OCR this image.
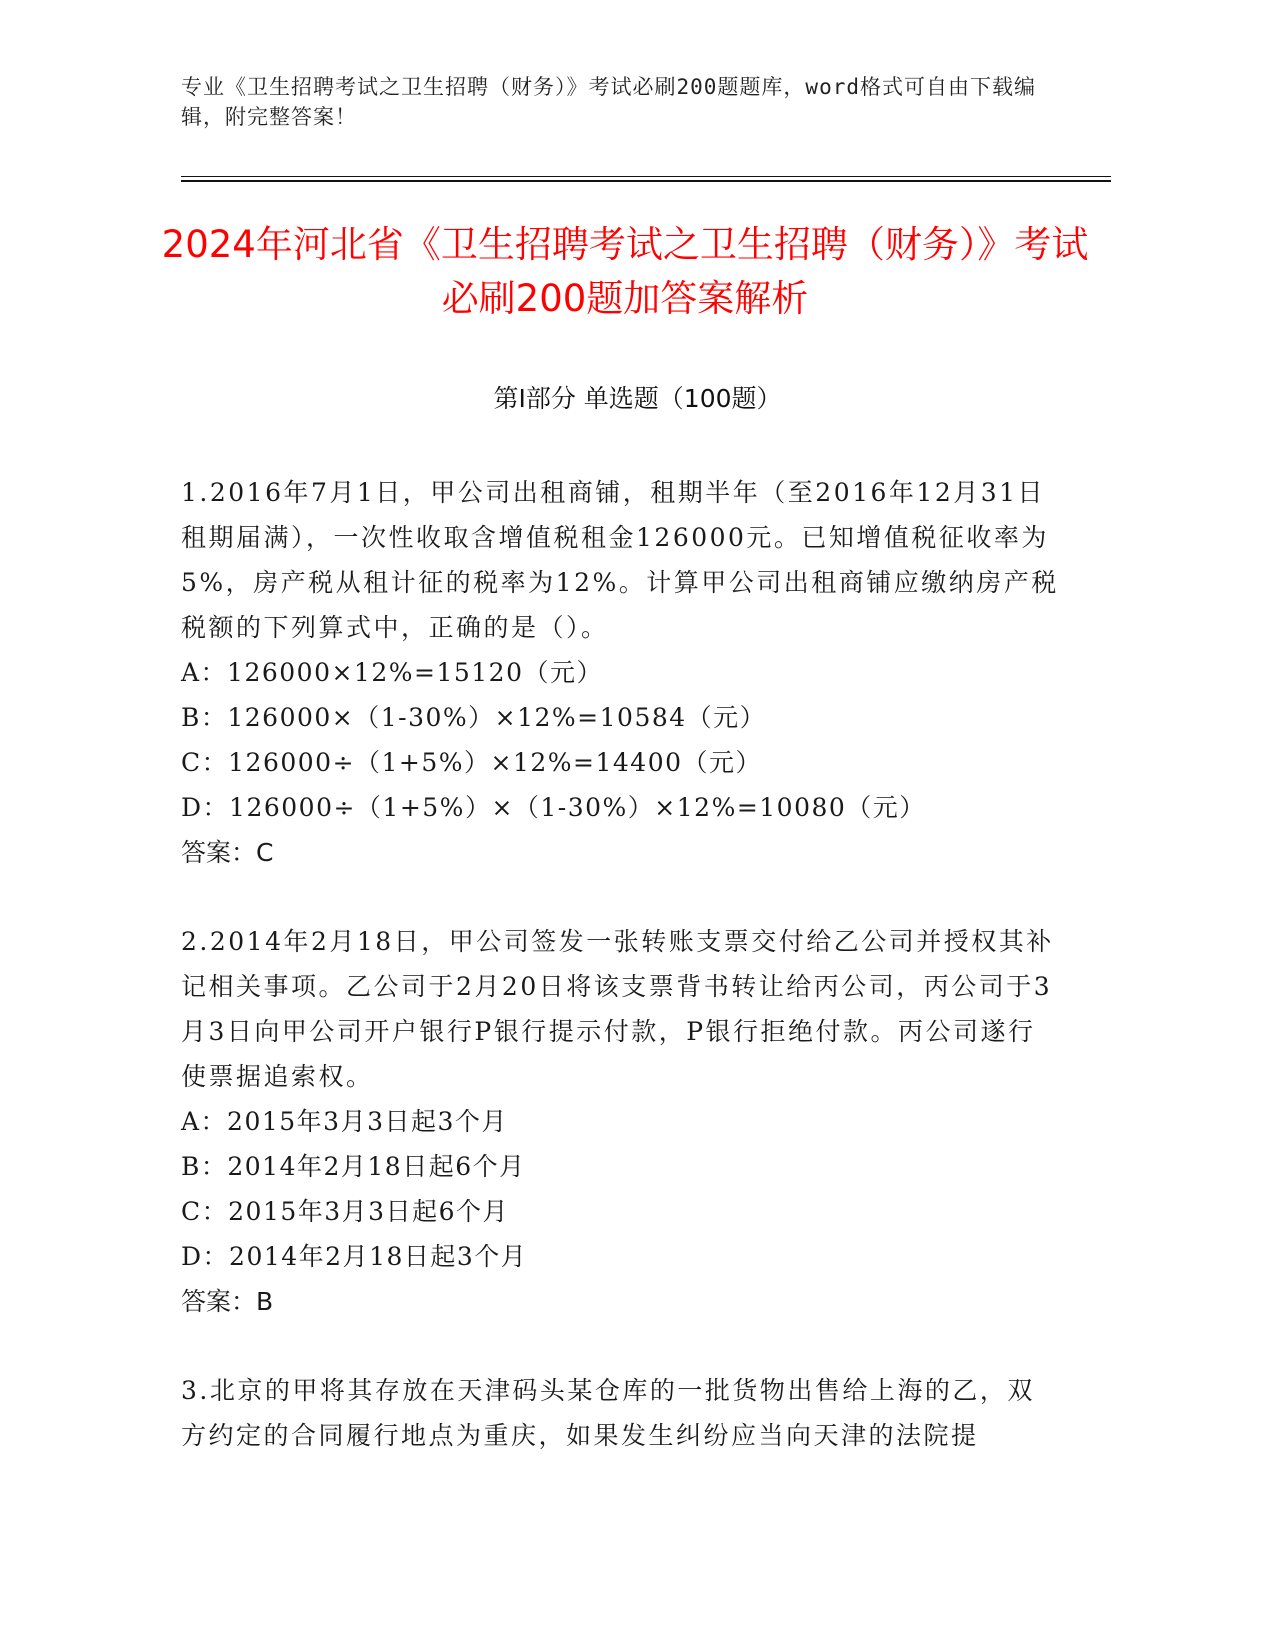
专业《卫生招聘考试之卫生招聘（财务）》考试必刷200题题库，word格式可自由下载编辑，附完整答案！
2024年河北省《卫生招聘考试之卫生招聘（财务）》考试必刷200题加答案解析
第Ⅰ部分 单选题（100题）

1.2016年7月1日，甲公司出租商铺，租期半年（至2016年12月31日租期届满），一次性收取含增值税租金126000元。已知增值税征收率为5%，房产税从租计征的税率为12%。计算甲公司出租商铺应缴纳房产税税额的下列算式中，正确的是（）。

A：126000×12%=15120（元）

B：126000×（1-30%）×12%=10584（元）

C：126000÷（1+5%）×12%=14400（元）

D：126000÷（1+5%）×（1-30%）×12%=10080（元）

答案：C

2.2014年2月18日，甲公司签发一张转账支票交付给乙公司并授权其补记相关事项。乙公司于2月20日将该支票背书转让给丙公司，丙公司于3月3日向甲公司开户银行P银行提示付款，P银行拒绝付款。丙公司遂行使票据追索权。

A：2015年3月3日起3个月

B：2014年2月18日起6个月

C：2015年3月3日起6个月

D：2014年2月18日起3个月

答案：B

3.北京的甲将其存放在天津码头某仓库的一批货物出售给上海的乙，双方约定的合同履行地点为重庆，如果发生纠纷应当向天津的法院提
